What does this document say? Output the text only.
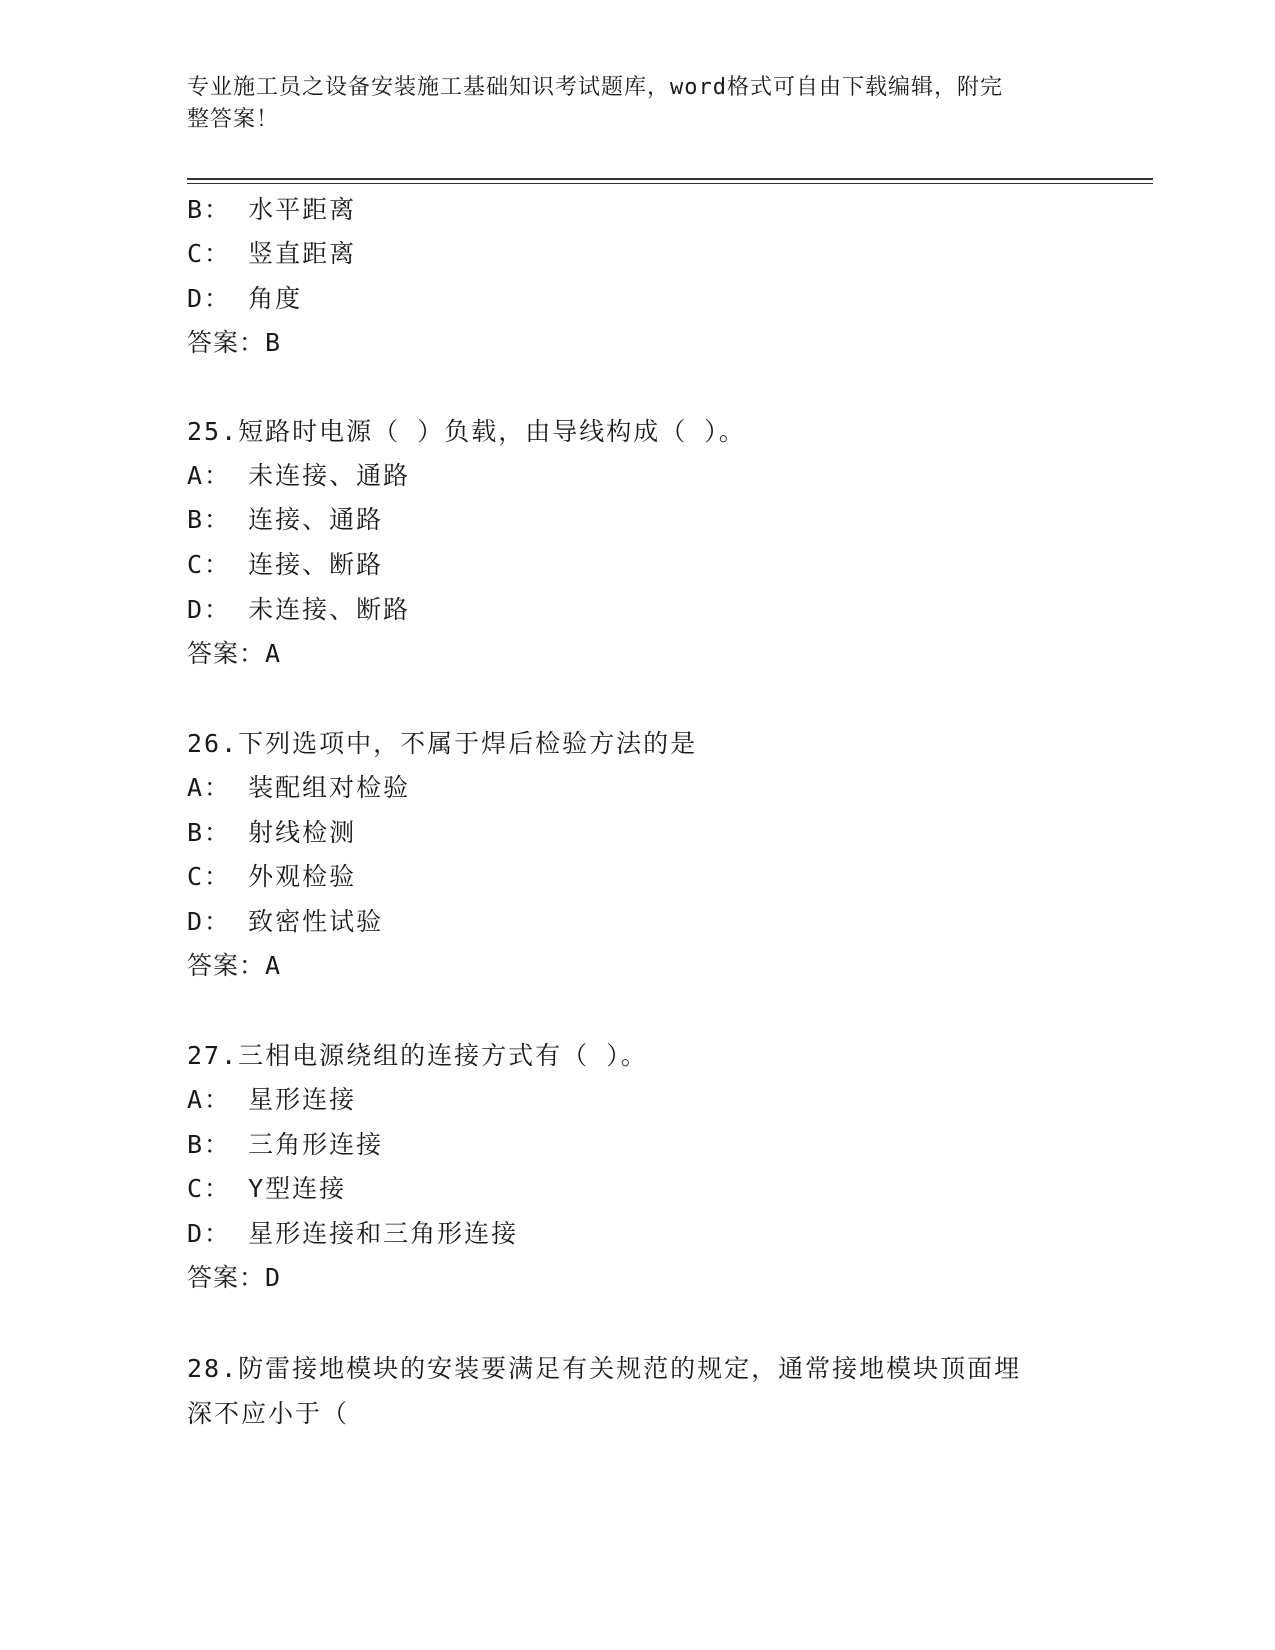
专业施工员之设备安装施工基础知识考试题库，word格式可自由下载编辑，附完
整答案！
B： 水平距离
C： 竖直距离
D： 角度
答案：B
25.短路时电源（ ）负载，由导线构成（ ）。
A： 未连接、通路
B： 连接、通路
C： 连接、断路
D： 未连接、断路
答案：A
26.下列选项中，不属于焊后检验方法的是
A： 装配组对检验
B： 射线检测
C： 外观检验
D： 致密性试验
答案：A
27.三相电源绕组的连接方式有（ ）。
A： 星形连接
B： 三角形连接
C： Y型连接
D： 星形连接和三角形连接
答案：D
28.防雷接地模块的安装要满足有关规范的规定，通常接地模块顶面埋
深不应小于（
